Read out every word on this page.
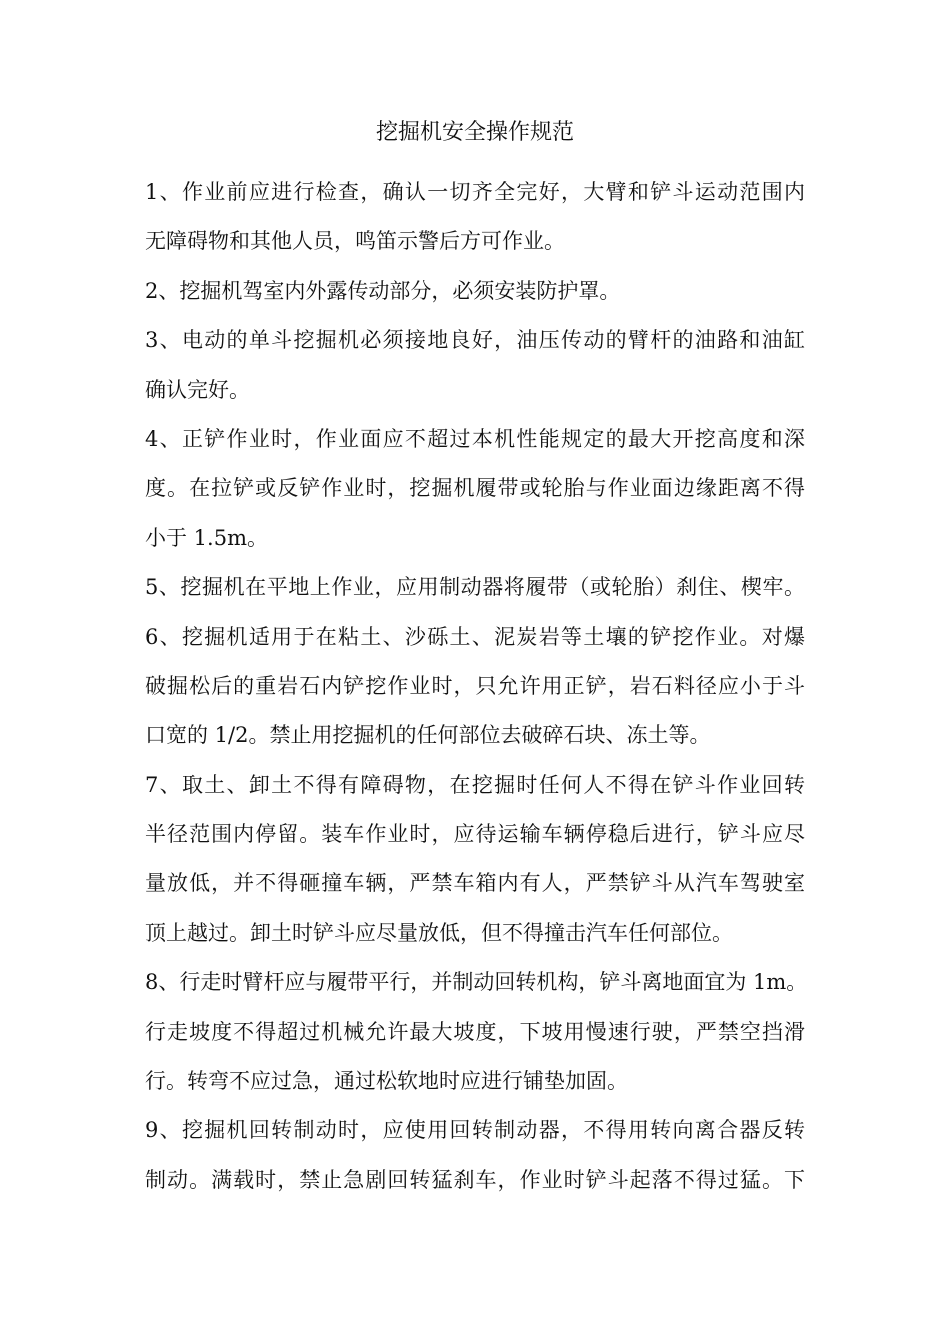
挖掘机安全操作规范
1、作业前应进行检查，确认一切齐全完好，大臂和铲斗运动范围内
无障碍物和其他人员，鸣笛示警后方可作业。
2、挖掘机驾室内外露传动部分，必须安装防护罩。
3、电动的单斗挖掘机必须接地良好，油压传动的臂杆的油路和油缸
确认完好。
4、正铲作业时，作业面应不超过本机性能规定的最大开挖高度和深
度。在拉铲或反铲作业时，挖掘机履带或轮胎与作业面边缘距离不得
小于 1.5m。
5、挖掘机在平地上作业，应用制动器将履带（或轮胎）刹住、楔牢。
6、挖掘机适用于在粘土、沙砾土、泥炭岩等土壤的铲挖作业。对爆
破掘松后的重岩石内铲挖作业时，只允许用正铲，岩石料径应小于斗
口宽的 1/2。禁止用挖掘机的任何部位去破碎石块、冻土等。
7、取土、卸土不得有障碍物，在挖掘时任何人不得在铲斗作业回转
半径范围内停留。装车作业时，应待运输车辆停稳后进行，铲斗应尽
量放低，并不得砸撞车辆，严禁车箱内有人，严禁铲斗从汽车驾驶室
顶上越过。卸土时铲斗应尽量放低，但不得撞击汽车任何部位。
8、行走时臂杆应与履带平行，并制动回转机构，铲斗离地面宜为 1m。
行走坡度不得超过机械允许最大坡度，下坡用慢速行驶，严禁空挡滑
行。转弯不应过急，通过松软地时应进行铺垫加固。
9、挖掘机回转制动时，应使用回转制动器，不得用转向离合器反转
制动。满载时，禁止急剧回转猛刹车，作业时铲斗起落不得过猛。下
